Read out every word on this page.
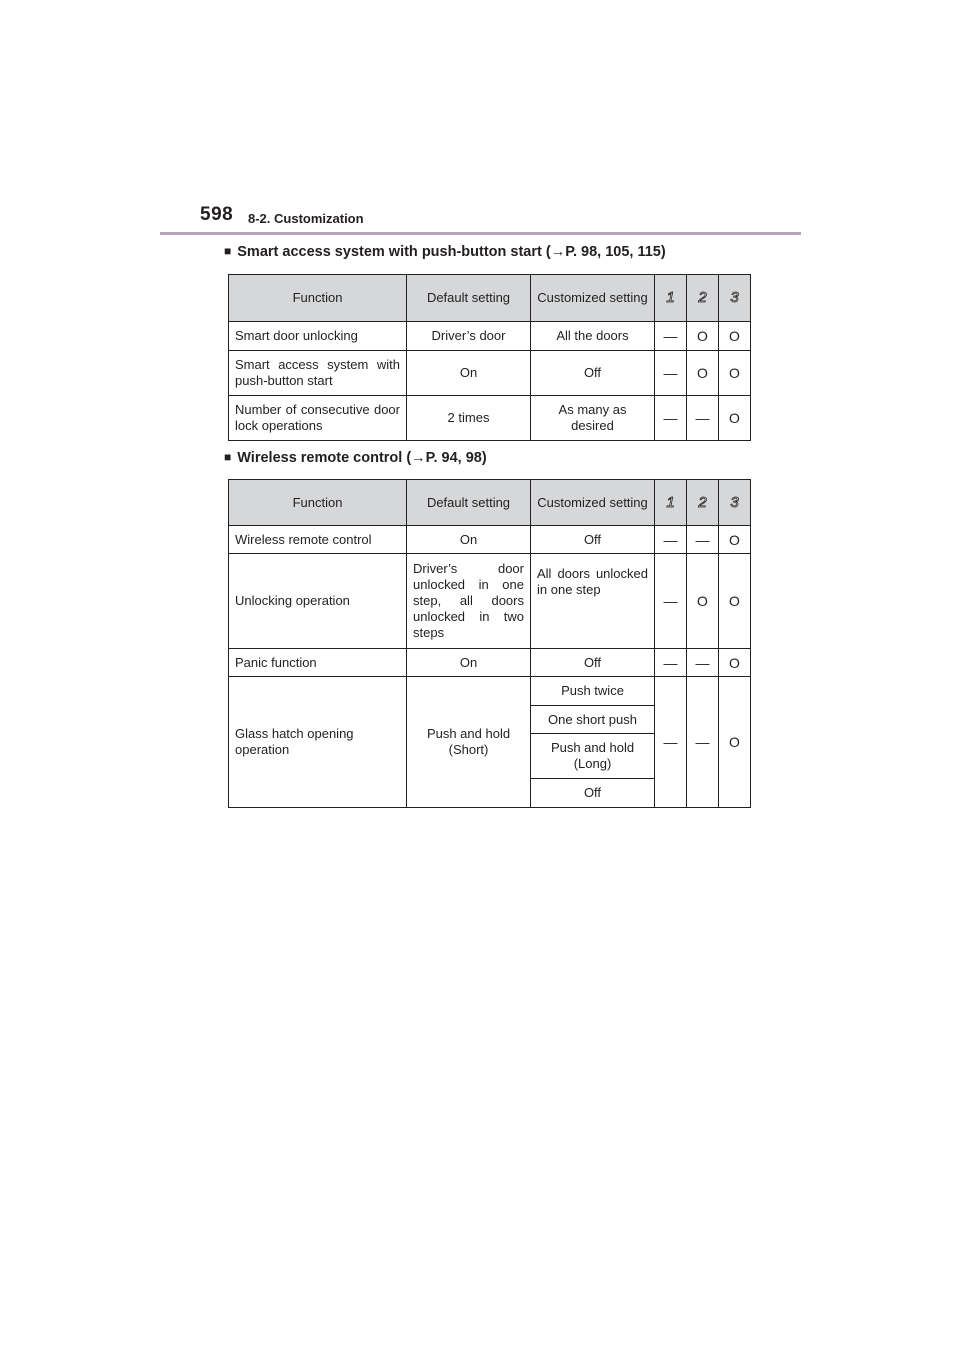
598 8-2. Customization
■ Smart access system with push-button start (→P. 98, 105, 115)
Function	Default setting	Customized setting	1	2	3
Smart door unlocking	Driver’s door	All the doors	—	O	O
Smart access system with push-button start	On	Off	—	O	O
Number of consecutive door lock operations	2 times	As many as desired	—	—	O
■ Wireless remote control (→P. 94, 98)
Function	Default setting	Customized setting	1	2	3
Wireless remote control	On	Off	—	—	O
Unlocking operation	Driver’s door unlocked in one step, all doors unlocked in two steps	All doors unlocked in one step	—	O	O
Panic function	On	Off	—	—	O
Glass hatch opening operation	Push and hold (Short)	Push twice	—	—	O
		One short push			
		Push and hold (Long)			
		Off			
